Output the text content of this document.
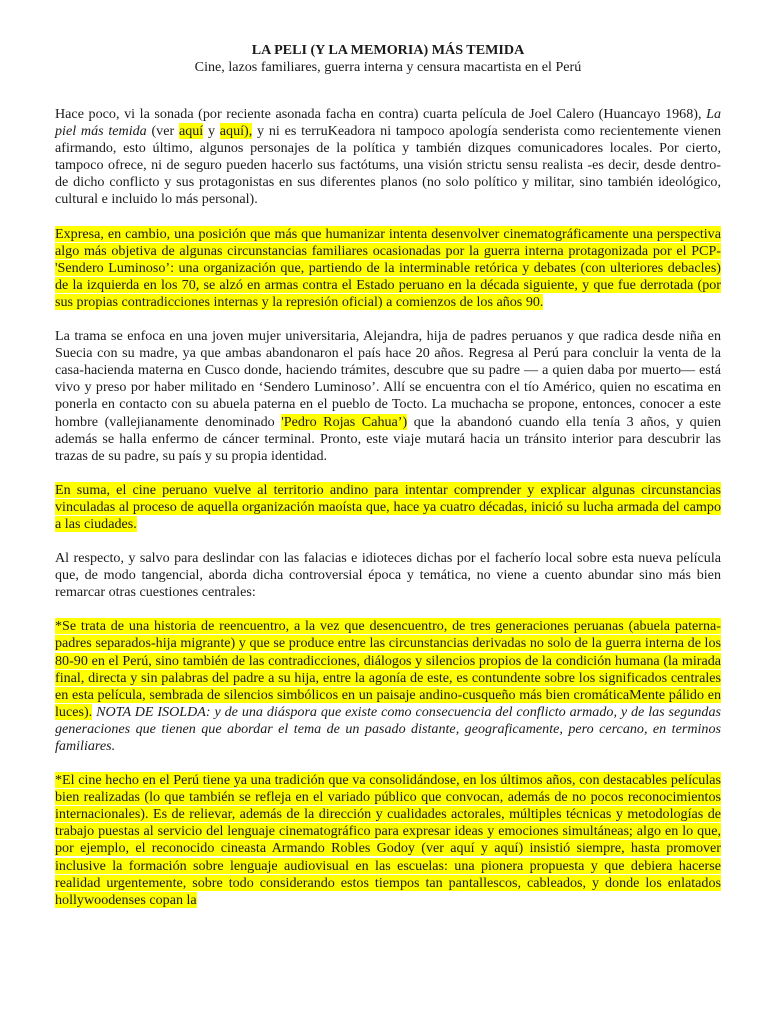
LA PELI (Y LA MEMORIA) MÁS TEMIDA
Cine, lazos familiares, guerra interna y censura macartista en el Perú

Hace poco, vi la sonada (por reciente asonada facha en contra) cuarta película de Joel Calero (Huancayo 1968), La piel más temida (ver aquí y aquí), y ni es terruKeadora ni tampoco apología senderista como recientemente vienen afirmando, esto último, algunos personajes de la política y también dizques comunicadores locales. Por cierto, tampoco ofrece, ni de seguro pueden hacerlo sus factótums, una visión strictu sensu realista -es decir, desde dentro- de dicho conflicto y sus protagonistas en sus diferentes planos (no solo político y militar, sino también ideológico, cultural e incluido lo más personal).

Expresa, en cambio, una posición que más que humanizar intenta desenvolver cinematográficamente una perspectiva algo más objetiva de algunas circunstancias familiares ocasionadas por la guerra interna protagonizada por el PCP-'Sendero Luminoso’: una organización que, partiendo de la interminable retórica y debates (con ulteriores debacles) de la izquierda en los 70, se alzó en armas contra el Estado peruano en la década siguiente, y que fue derrotada (por sus propias contradicciones internas y la represión oficial) a comienzos de los años 90.

La trama se enfoca en una joven mujer universitaria, Alejandra, hija de padres peruanos y que radica desde niña en Suecia con su madre, ya que ambas abandonaron el país hace 20 años. Regresa al Perú para concluir la venta de la casa-hacienda materna en Cusco donde, haciendo trámites, descubre que su padre — a quien daba por muerto— está vivo y preso por haber militado en ‘Sendero Luminoso’. Allí se encuentra con el tío Américo, quien no escatima en ponerla en contacto con su abuela paterna en el pueblo de Tocto. La muchacha se propone, entonces, conocer a este hombre (vallejianamente denominado 'Pedro Rojas Cahua’) que la abandonó cuando ella tenía 3 años, y quien además se halla enfermo de cáncer terminal. Pronto, este viaje mutará hacia un tránsito interior para descubrir las trazas de su padre, su país y su propia identidad.

En suma, el cine peruano vuelve al territorio andino para intentar comprender y explicar algunas circunstancias vinculadas al proceso de aquella organización maoísta que, hace ya cuatro décadas, inició su lucha armada del campo a las ciudades.

Al respecto, y salvo para deslindar con las falacias e idioteces dichas por el facherío local sobre esta nueva película que, de modo tangencial, aborda dicha controversial época y temática, no viene a cuento abundar sino más bien remarcar otras cuestiones centrales:

*Se trata de una historia de reencuentro, a la vez que desencuentro, de tres generaciones peruanas (abuela paterna-padres separados-hija migrante) y que se produce entre las circunstancias derivadas no solo de la guerra interna de los 80-90 en el Perú, sino también de las contradicciones, diálogos y silencios propios de la condición humana (la mirada final, directa y sin palabras del padre a su hija, entre la agonía de este, es contundente sobre los significados centrales en esta película, sembrada de silencios simbólicos en un paisaje andino-cusqueño más bien cromáticaMente pálido en luces). NOTA DE ISOLDA: y de una diáspora que existe como consecuencia del conflicto armado, y de las segundas generaciones que tienen que abordar el tema de un pasado distante, geograficamente, pero cercano, en terminos familiares.

*El cine hecho en el Perú tiene ya una tradición que va consolidándose, en los últimos años, con destacables películas bien realizadas (lo que también se refleja en el variado público que convocan, además de no pocos reconocimientos internacionales). Es de relievar, además de la dirección y cualidades actorales, múltiples técnicas y metodologías de trabajo puestas al servicio del lenguaje cinematográfico para expresar ideas y emociones simultáneas; algo en lo que, por ejemplo, el reconocido cineasta Armando Robles Godoy (ver aquí y aquí) insistió siempre, hasta promover inclusive la formación sobre lenguaje audiovisual en las escuelas: una pionera propuesta y que debiera hacerse realidad urgentemente, sobre todo considerando estos tiempos tan pantallescos, cableados, y donde los enlatados hollywoodenses copan la
